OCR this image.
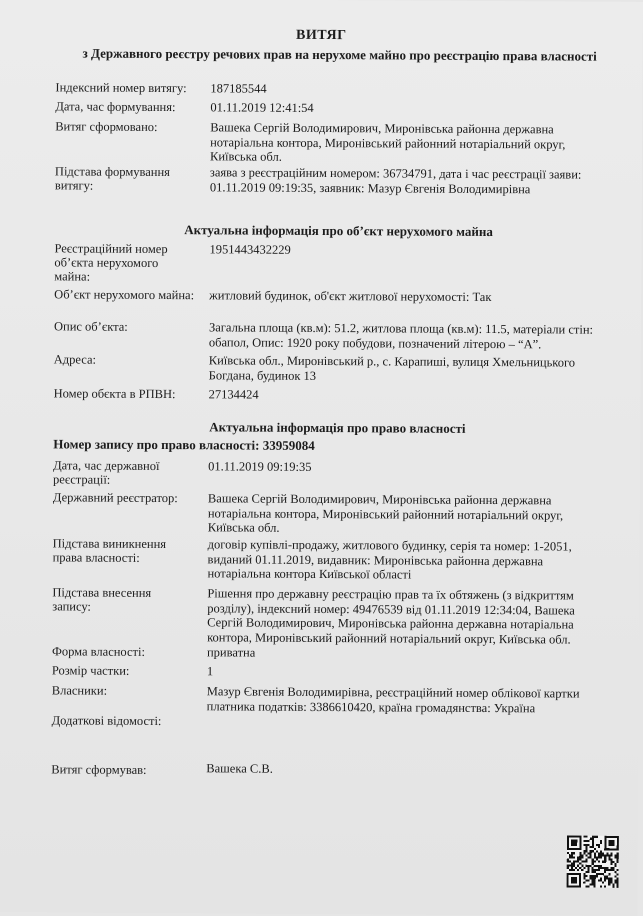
ВИТЯГ
з Державного реєстру речових прав на нерухоме майно про реєстрацію права власності
Індексний номер витягу:	187185544
Дата, час формування:	01.11.2019 12:41:54
Витяг сформовано:	Вашека Сергій Володимирович, Миронівська районна державна нотаріальна контора, Миронівський районний нотаріальний округ, Київська обл.
Підстава формування витягу:
заява з реєстраційним номером: 36734791, дата і час реєстрації заяви: 01.11.2019 09:19:35, заявник: Мазур Євгенія Володимирівна
Актуальна інформація про об’єкт нерухомого майна
Реєстраційний номер об’єкта нерухомого майна:
1951443432229
Об’єкт нерухомого майна: житловий будинок, об'єкт житлової нерухомості: Так
Опис об’єкта:	Загальна площа (кв.м): 51.2, житлова площа (кв.м): 11.5, матеріали стін: обапол, Опис: 1920 року побудови, позначений літерою – “А”.
Адреса:	Київська обл., Миронівський р., с. Карапиші, вулиця Хмельницького Богдана, будинок 13
Номер обєкта в РПВН:	27134424
Актуальна інформація про право власності
Номер запису про право власності: 33959084
Дата, час державної реєстрації:
01.11.2019 09:19:35
Державний реєстратор:	Вашека Сергій Володимирович, Миронівська районна державна нотаріальна контора, Миронівський районний нотаріальний округ, Київська обл.
Підстава виникнення права власності:
договір купівлі-продажу, житлового будинку, серія та номер: 1-2051, виданий 01.11.2019, видавник: Миронівська районна державна нотаріальна контора Київської області
Підстава внесення запису:
Рішення про державну реєстрацію прав та їх обтяжень (з відкриттям розділу), індексний номер: 49476539 від 01.11.2019 12:34:04, Вашека Сергій Володимирович, Миронівська районна державна нотаріальна контора, Миронівський районний нотаріальний округ, Київська обл.
Форма власності:	приватна
Розмір частки:	1
Власники:	Мазур Євгенія Володимирівна, реєстраційний номер облікової картки платника податків: 3386610420, країна громадянства: Україна
Додаткові відомості:
Витяг сформував:	Вашека С.В.
